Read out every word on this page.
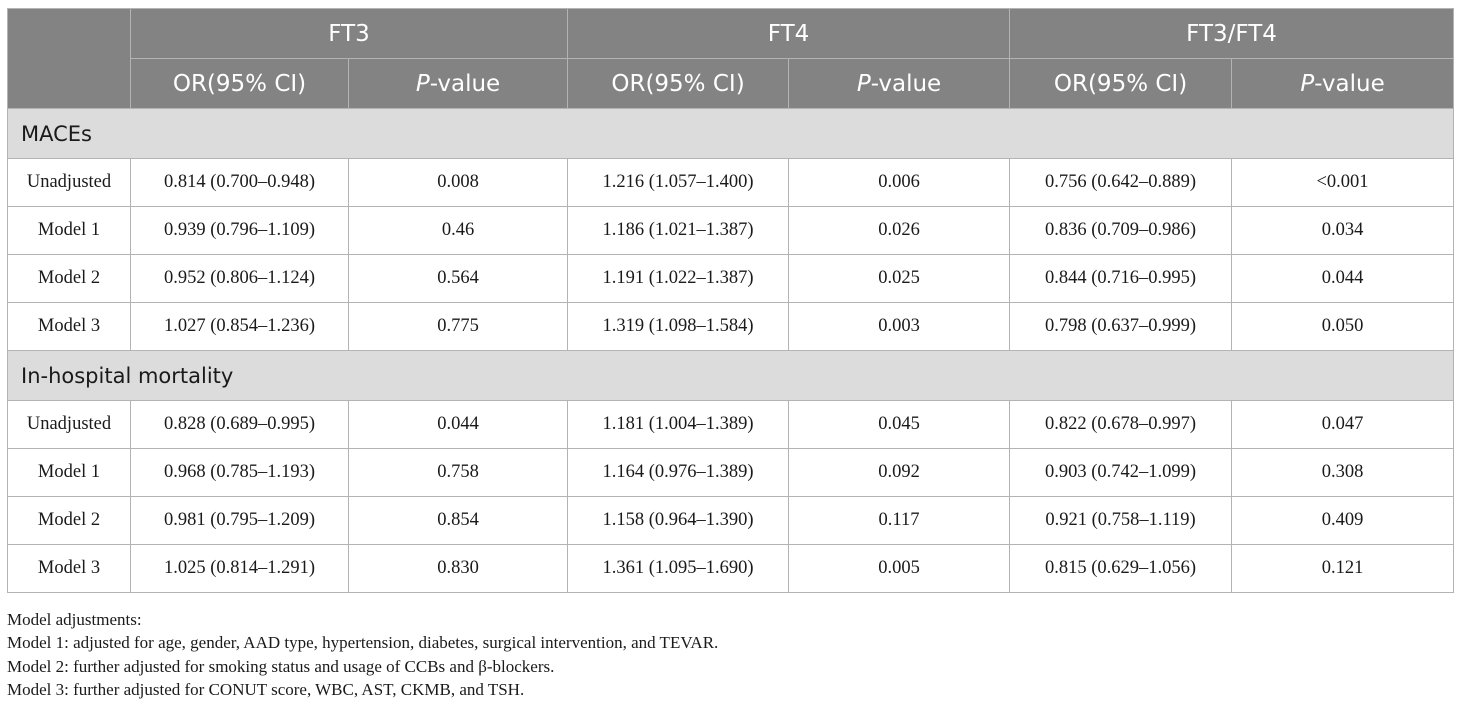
	FT3		FT4		FT3/FT4	
	OR(95% CI)	P-value	OR(95% CI)	P-value	OR(95% CI)	P-value
MACEs						
Unadjusted	0.814 (0.700–0.948)	0.008	1.216 (1.057–1.400)	0.006	0.756 (0.642–0.889)	<0.001
Model 1	0.939 (0.796–1.109)	0.46	1.186 (1.021–1.387)	0.026	0.836 (0.709–0.986)	0.034
Model 2	0.952 (0.806–1.124)	0.564	1.191 (1.022–1.387)	0.025	0.844 (0.716–0.995)	0.044
Model 3	1.027 (0.854–1.236)	0.775	1.319 (1.098–1.584)	0.003	0.798 (0.637–0.999)	0.050
In-hospital mortality						
Unadjusted	0.828 (0.689–0.995)	0.044	1.181 (1.004–1.389)	0.045	0.822 (0.678–0.997)	0.047
Model 1	0.968 (0.785–1.193)	0.758	1.164 (0.976–1.389)	0.092	0.903 (0.742–1.099)	0.308
Model 2	0.981 (0.795–1.209)	0.854	1.158 (0.964–1.390)	0.117	0.921 (0.758–1.119)	0.409
Model 3	1.025 (0.814–1.291)	0.830	1.361 (1.095–1.690)	0.005	0.815 (0.629–1.056)	0.121
Model adjustments:
Model 1: adjusted for age, gender, AAD type, hypertension, diabetes, surgical intervention, and TEVAR.
Model 2: further adjusted for smoking status and usage of CCBs and β-blockers.
Model 3: further adjusted for CONUT score, WBC, AST, CKMB, and TSH.
